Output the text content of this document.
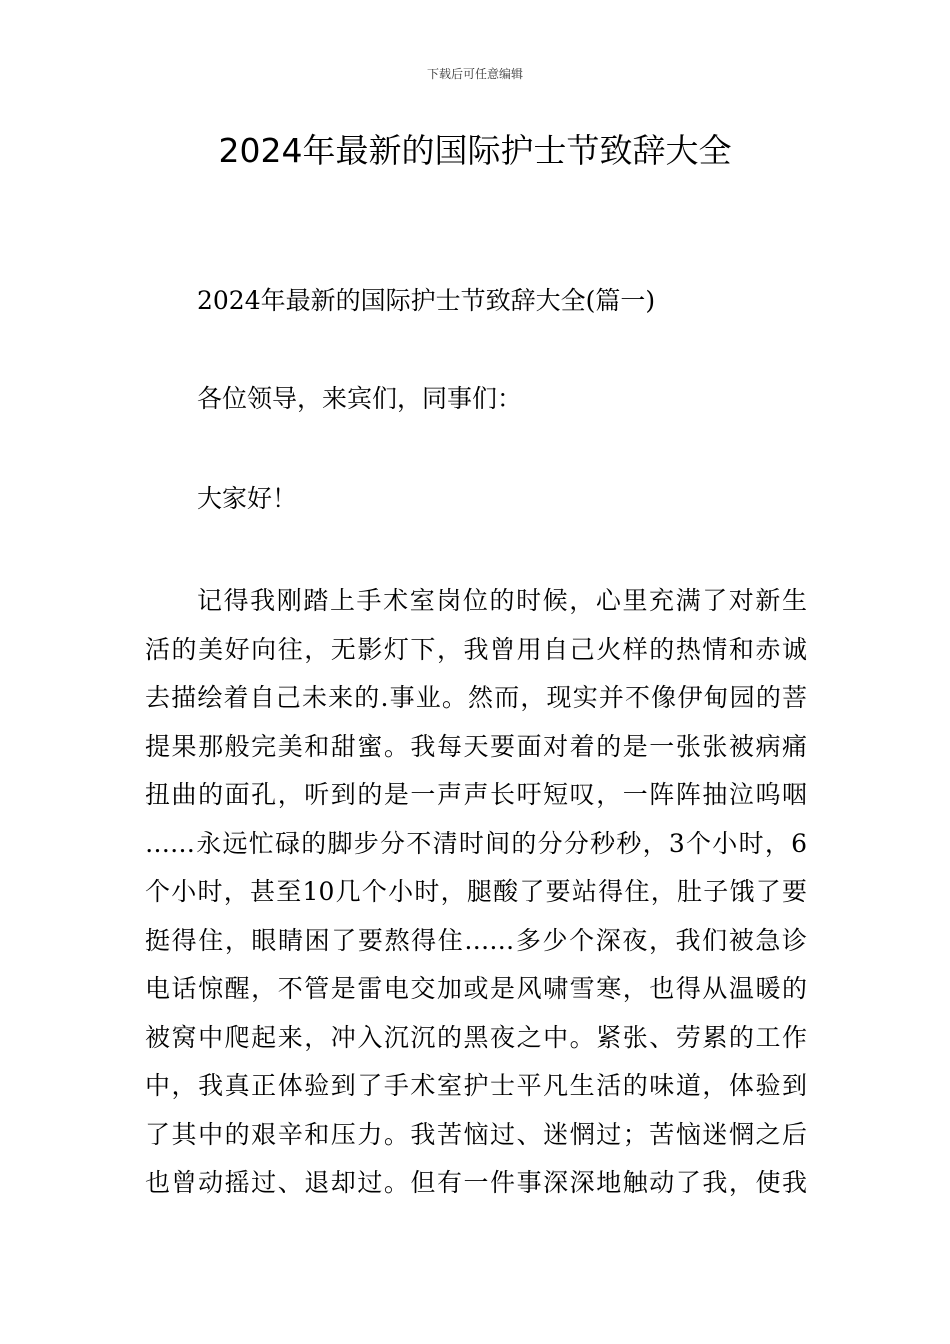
下载后可任意编辑
2024年最新的国际护士节致辞大全

2024年最新的国际护士节致辞大全(篇一)

各位领导，来宾们，同事们：

大家好！

记得我刚踏上手术室岗位的时候，心里充满了对新生
活的美好向往，无影灯下，我曾用自己火样的热情和赤诚
去描绘着自己未来的.事业。然而，现实并不像伊甸园的菩
提果那般完美和甜蜜。我每天要面对着的是一张张被病痛
扭曲的面孔，听到的是一声声长吁短叹，一阵阵抽泣呜咽
……永远忙碌的脚步分不清时间的分分秒秒，3个小时，6
个小时，甚至10几个小时，腿酸了要站得住，肚子饿了要
挺得住，眼睛困了要熬得住……多少个深夜，我们被急诊
电话惊醒，不管是雷电交加或是风啸雪寒，也得从温暖的
被窝中爬起来，冲入沉沉的黑夜之中。紧张、劳累的工作
中，我真正体验到了手术室护士平凡生活的味道，体验到
了其中的艰辛和压力。我苦恼过、迷惘过；苦恼迷惘之后
也曾动摇过、退却过。但有一件事深深地触动了我，使我
